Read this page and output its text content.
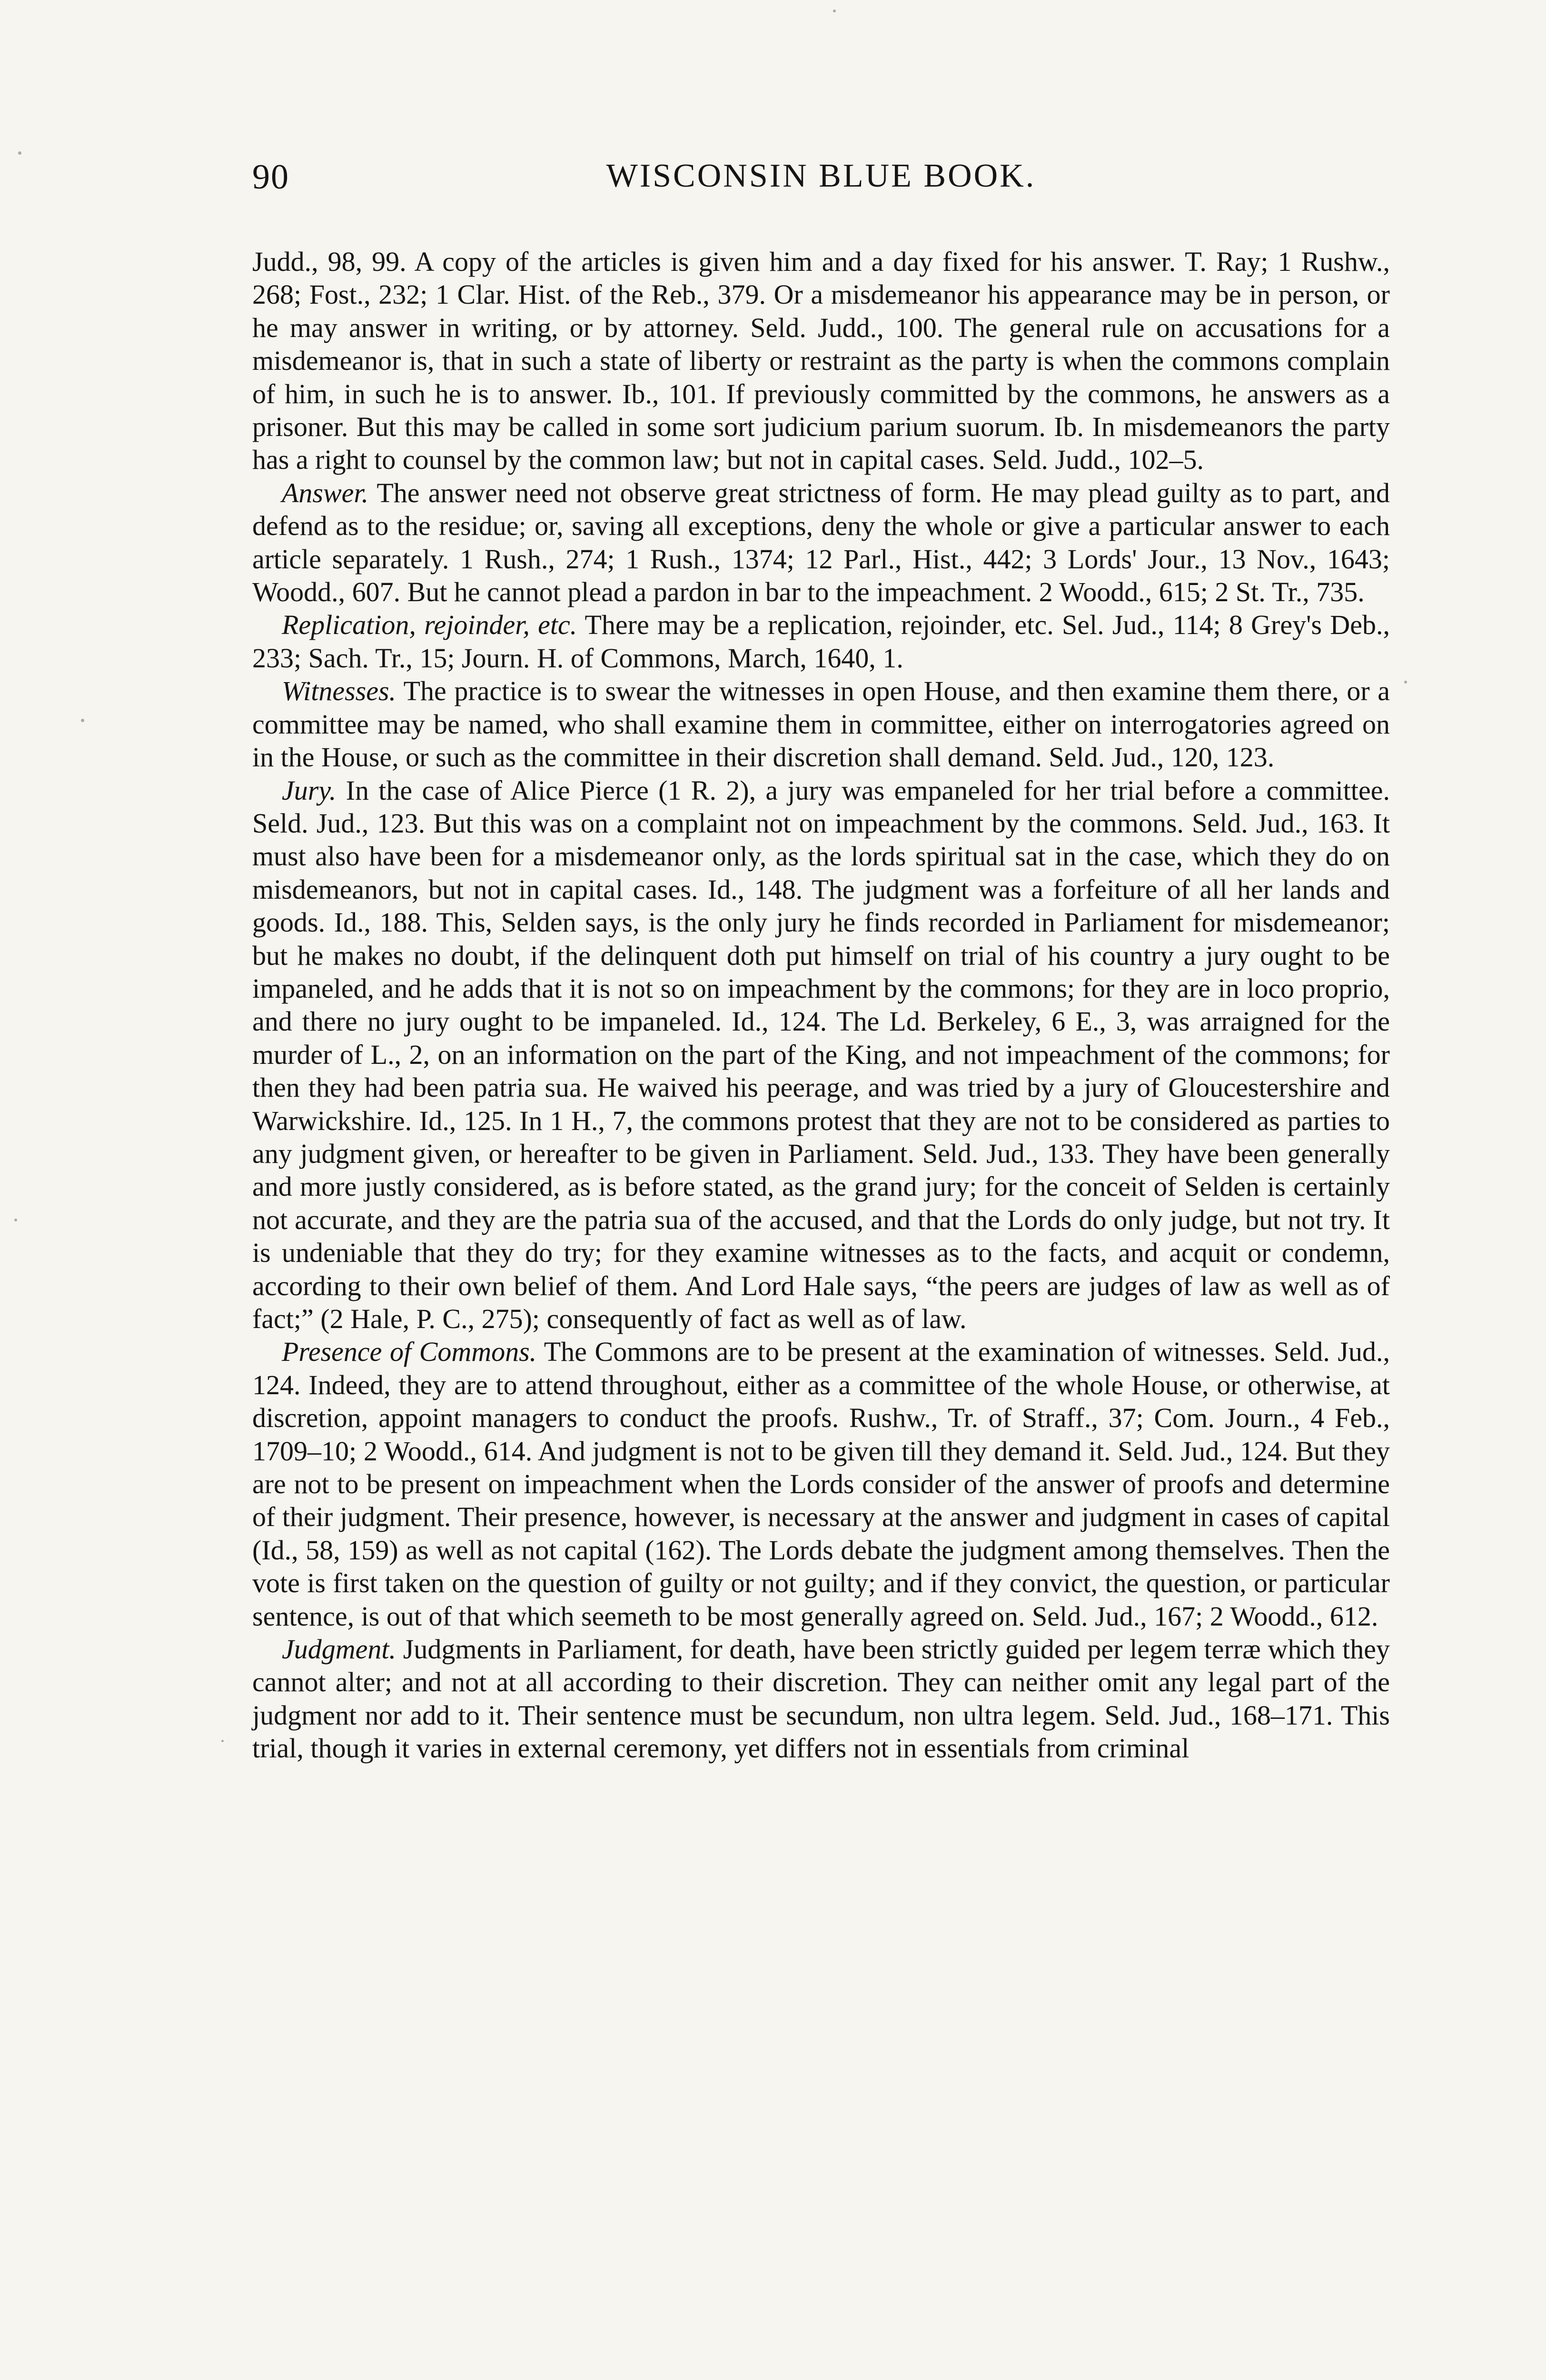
90	WISCONSIN BLUE BOOK.

Judd., 98, 99. A copy of the articles is given him and a day fixed for his answer. T. Ray; 1 Rushw., 268; Fost., 232; 1 Clar. Hist. of the Reb., 379. Or a misdemeanor his appearance may be in person, or he may answer in writing, or by attorney. Seld. Judd., 100. The general rule on accusations for a misdemeanor is, that in such a state of liberty or restraint as the party is when the commons complain of him, in such he is to answer. Ib., 101. If previously committed by the commons, he answers as a prisoner. But this may be called in some sort judicium parium suorum. Ib. In misdemeanors the party has a right to counsel by the common law; but not in capital cases. Seld. Judd., 102–5.

Answer. The answer need not observe great strictness of form. He may plead guilty as to part, and defend as to the residue; or, saving all exceptions, deny the whole or give a particular answer to each article separately. 1 Rush., 274; 1 Rush., 1374; 12 Parl., Hist., 442; 3 Lords' Jour., 13 Nov., 1643; Woodd., 607. But he cannot plead a pardon in bar to the impeachment. 2 Woodd., 615; 2 St. Tr., 735.

Replication, rejoinder, etc. There may be a replication, rejoinder, etc. Sel. Jud., 114; 8 Grey's Deb., 233; Sach. Tr., 15; Journ. H. of Commons, March, 1640, 1.

Witnesses. The practice is to swear the witnesses in open House, and then examine them there, or a committee may be named, who shall examine them in committee, either on interrogatories agreed on in the House, or such as the committee in their discretion shall demand. Seld. Jud., 120, 123.

Jury. In the case of Alice Pierce (1 R. 2), a jury was empaneled for her trial before a committee. Seld. Jud., 123. But this was on a complaint not on impeachment by the commons. Seld. Jud., 163. It must also have been for a misdemeanor only, as the lords spiritual sat in the case, which they do on misdemeanors, but not in capital cases. Id., 148. The judgment was a forfeiture of all her lands and goods. Id., 188. This, Selden says, is the only jury he finds recorded in Parliament for misdemeanor; but he makes no doubt, if the delinquent doth put himself on trial of his country a jury ought to be impaneled, and he adds that it is not so on impeachment by the commons; for they are in loco proprio, and there no jury ought to be impaneled. Id., 124. The Ld. Berkeley, 6 E., 3, was arraigned for the murder of L., 2, on an information on the part of the King, and not impeachment of the commons; for then they had been patria sua. He waived his peerage, and was tried by a jury of Gloucestershire and Warwickshire. Id., 125. In 1 H., 7, the commons protest that they are not to be considered as parties to any judgment given, or hereafter to be given in Parliament. Seld. Jud., 133. They have been generally and more justly considered, as is before stated, as the grand jury; for the conceit of Selden is certainly not accurate, and they are the patria sua of the accused, and that the Lords do only judge, but not try. It is undeniable that they do try; for they examine witnesses as to the facts, and acquit or condemn, according to their own belief of them. And Lord Hale says, “the peers are judges of law as well as of fact;” (2 Hale, P. C., 275); consequently of fact as well as of law.

Presence of Commons. The Commons are to be present at the examination of witnesses. Seld. Jud., 124. Indeed, they are to attend throughout, either as a committee of the whole House, or otherwise, at discretion, appoint managers to conduct the proofs. Rushw., Tr. of Straff., 37; Com. Journ., 4 Feb., 1709–10; 2 Woodd., 614. And judgment is not to be given till they demand it. Seld. Jud., 124. But they are not to be present on impeachment when the Lords consider of the answer of proofs and determine of their judgment. Their presence, however, is necessary at the answer and judgment in cases of capital (Id., 58, 159) as well as not capital (162). The Lords debate the judgment among themselves. Then the vote is first taken on the question of guilty or not guilty; and if they convict, the question, or particular sentence, is out of that which seemeth to be most generally agreed on. Seld. Jud., 167; 2 Woodd., 612.

Judgment. Judgments in Parliament, for death, have been strictly guided per legem terræ which they cannot alter; and not at all according to their discretion. They can neither omit any legal part of the judgment nor add to it. Their sentence must be secundum, non ultra legem. Seld. Jud., 168–171. This trial, though it varies in external ceremony, yet differs not in essentials from criminal
